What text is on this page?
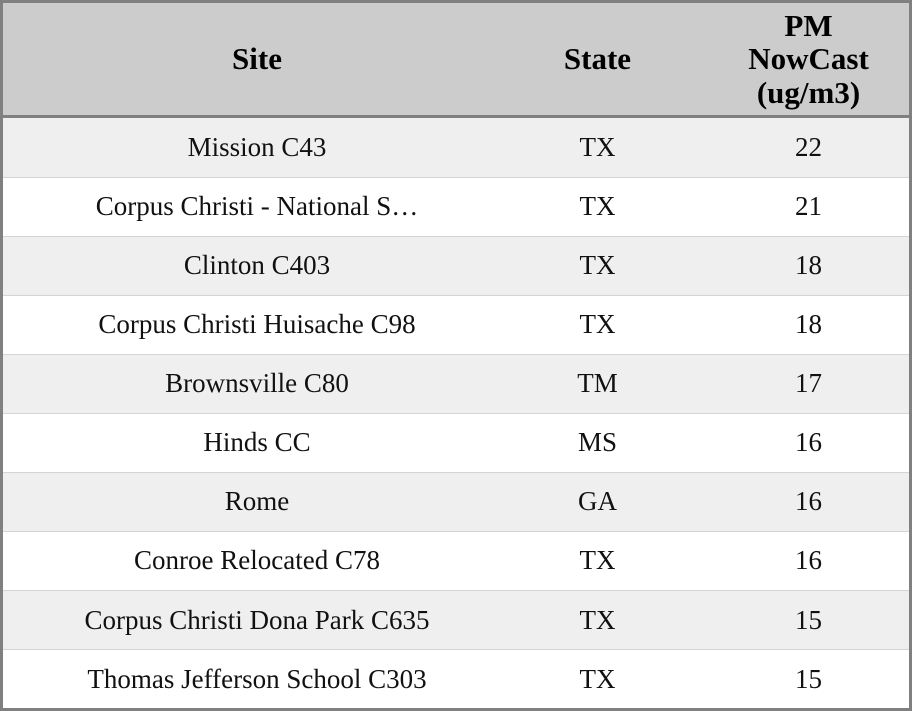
Site	State	PM
NowCast
(ug/m3)

Mission C43	TX	22
Corpus Christi - National S…	TX	21
Clinton C403	TX	18
Corpus Christi Huisache C98	TX	18
Brownsville C80	TM	17
Hinds CC	MS	16
Rome	GA	16
Conroe Relocated C78	TX	16
Corpus Christi Dona Park C635	TX	15
Thomas Jefferson School C303	TX	15
